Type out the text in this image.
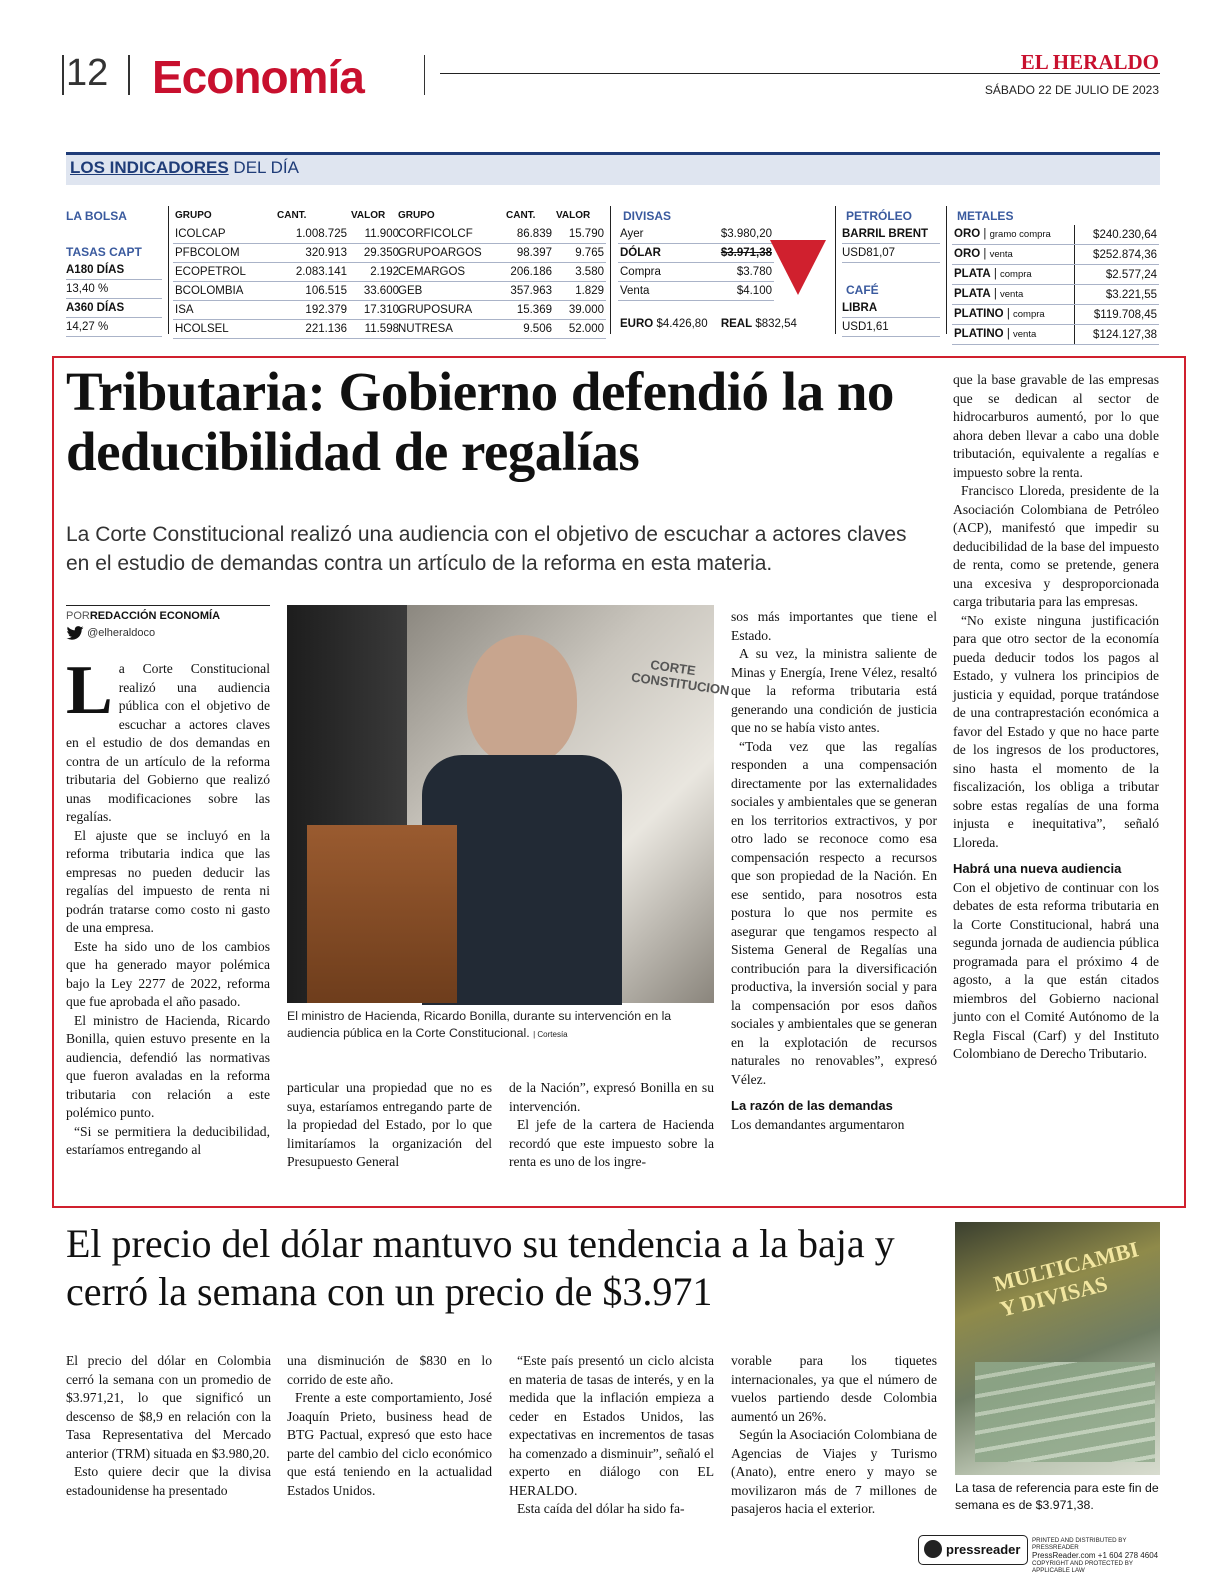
12 Economía	EL HERALDO
SÁBADO 22 DE JULIO DE 2023
LOS INDICADORES DEL DÍA
LA BOLSA
TASAS CAPT
A180 DÍAS
13,40 %
A360 DÍAS
14,27 %
GRUPO	CANT.	VALOR
ICOLCAP	1.008.725	11.900
PFBCOLOM	320.913	29.350
ECOPETROL	2.083.141	2.192
BCOLOMBIA	106.515	33.600
ISA	192.379	17.310
HCOLSEL	221.136	11.598
GRUPO	CANT.	VALOR
CORFICOLCF	86.839	15.790
GRUPOARGOS	98.397	9.765
CEMARGOS	206.186	3.580
GEB	357.963	1.829
GRUPOSURA	15.369	39.000
NUTRESA	9.506	52.000
DIVISAS
Ayer	$3.980,20
DÓLAR	$3.971,38
Compra	$3.780
Venta	$4.100
EURO $4.426,80 REAL $832,54
PETRÓLEO
BARRIL BRENT
USD81,07
CAFÉ
LIBRA
USD1,61
METALES
ORO | gramo compra	$240.230,64
ORO | venta	$252.874,36
PLATA | compra	$2.577,24
PLATA | venta	$3.221,55
PLATINO | compra	$119.708,45
PLATINO | venta	$124.127,38
Tributaria: Gobierno defendió la no deducibilidad de regalías
La Corte Constitucional realizó una audiencia con el objetivo de escuchar a actores claves en el estudio de demandas contra un artículo de la reforma en esta materia.
PORREDACCIÓN ECONOMÍA
@elheraldoco
L a Corte Constitucional realizó una audiencia pública con el objetivo de escuchar a actores claves en el estudio de dos demandas en contra de un artículo de la reforma tributaria del Gobierno que realizó unas modificaciones sobre las regalías.

El ajuste que se incluyó en la reforma tributaria indica que las empresas no pueden deducir las regalías del impuesto de renta ni podrán tratarse como costo ni gasto de una empresa.

Este ha sido uno de los cambios que ha generado mayor polémica bajo la Ley 2277 de 2022, reforma que fue aprobada el año pasado.

El ministro de Hacienda, Ricardo Bonilla, quien estuvo presente en la audiencia, defendió las normativas que fueron avaladas en la reforma tributaria con relación a este polémico punto.

“Si se permitiera la deducibilidad, estaríamos entregando al

CORTE CONSTITUCION
El ministro de Hacienda, Ricardo Bonilla, durante su intervención en la audiencia pública en la Corte Constitucional. | Cortesía

particular una propiedad que no es suya, estaríamos entregando parte de la propiedad del Estado, por lo que limitaríamos la organización del Presupuesto General

de la Nación”, expresó Bonilla en su intervención.

El jefe de la cartera de Hacienda recordó que este impuesto sobre la renta es uno de los ingre-

sos más importantes que tiene el Estado.

A su vez, la ministra saliente de Minas y Energía, Irene Vélez, resaltó que la reforma tributaria está generando una condición de justicia que no se había visto antes.

“Toda vez que las regalías responden a una compensación directamente por las externalidades sociales y ambientales que se generan en los territorios extractivos, y por otro lado se reconoce como esa compensación respecto a recursos que son propiedad de la Nación. En ese sentido, para nosotros esta postura lo que nos permite es asegurar que tengamos respecto al Sistema General de Regalías una contribución para la diversificación productiva, la inversión social y para la compensación por esos daños sociales y ambientales que se generan en la explotación de recursos naturales no renovables”, expresó Vélez.

La razón de las demandas

Los demandantes argumentaron

que la base gravable de las empresas que se dedican al sector de hidrocarburos aumentó, por lo que ahora deben llevar a cabo una doble tributación, equivalente a regalías e impuesto sobre la renta.

Francisco Lloreda, presidente de la Asociación Colombiana de Petróleo (ACP), manifestó que impedir su deducibilidad de la base del impuesto de renta, como se pretende, genera una excesiva y desproporcionada carga tributaria para las empresas.

“No existe ninguna justificación para que otro sector de la economía pueda deducir todos los pagos al Estado, y vulnera los principios de justicia y equidad, porque tratándose de una contraprestación económica a favor del Estado y que no hace parte de los ingresos de los productores, sino hasta el momento de la fiscalización, los obliga a tributar sobre estas regalías de una forma injusta e inequitativa”, señaló Lloreda.

Habrá una nueva audiencia

Con el objetivo de continuar con los debates de esta reforma tributaria en la Corte Constitucional, habrá una segunda jornada de audiencia pública programada para el próximo 4 de agosto, a la que están citados miembros del Gobierno nacional junto con el Comité Autónomo de la Regla Fiscal (Carf) y del Instituto Colombiano de Derecho Tributario.

El precio del dólar mantuvo su tendencia a la baja y cerró la semana con un precio de $3.971

El precio del dólar en Colombia cerró la semana con un promedio de $3.971,21, lo que significó un descenso de $8,9 en relación con la Tasa Representativa del Mercado anterior (TRM) situada en $3.980,20.

Esto quiere decir que la divisa estadounidense ha presentado

una disminución de $830 en lo corrido de este año.

Frente a este comportamiento, José Joaquín Prieto, business head de BTG Pactual, expresó que esto hace parte del cambio del ciclo económico que está teniendo en la actualidad Estados Unidos.

“Este país presentó un ciclo alcista en materia de tasas de interés, y en la medida que la inflación empieza a ceder en Estados Unidos, las expectativas en incrementos de tasas ha comenzado a disminuir”, señaló el experto en diálogo con EL HERALDO.

Esta caída del dólar ha sido fa-

vorable para los tiquetes internacionales, ya que el número de vuelos partiendo desde Colombia aumentó un 26%.

Según la Asociación Colombiana de Agencias de Viajes y Turismo (Anato), entre enero y mayo se movilizaron más de 7 millones de pasajeros hacia el exterior.

MULTICAMBI Y DIVISAS
La tasa de referencia para este fin de semana es de $3.971,38.
pressreader
PRINTED AND DISTRIBUTED BY PRESSREADER
PressReader.com +1 604 278 4604
COPYRIGHT AND PROTECTED BY APPLICABLE LAW
